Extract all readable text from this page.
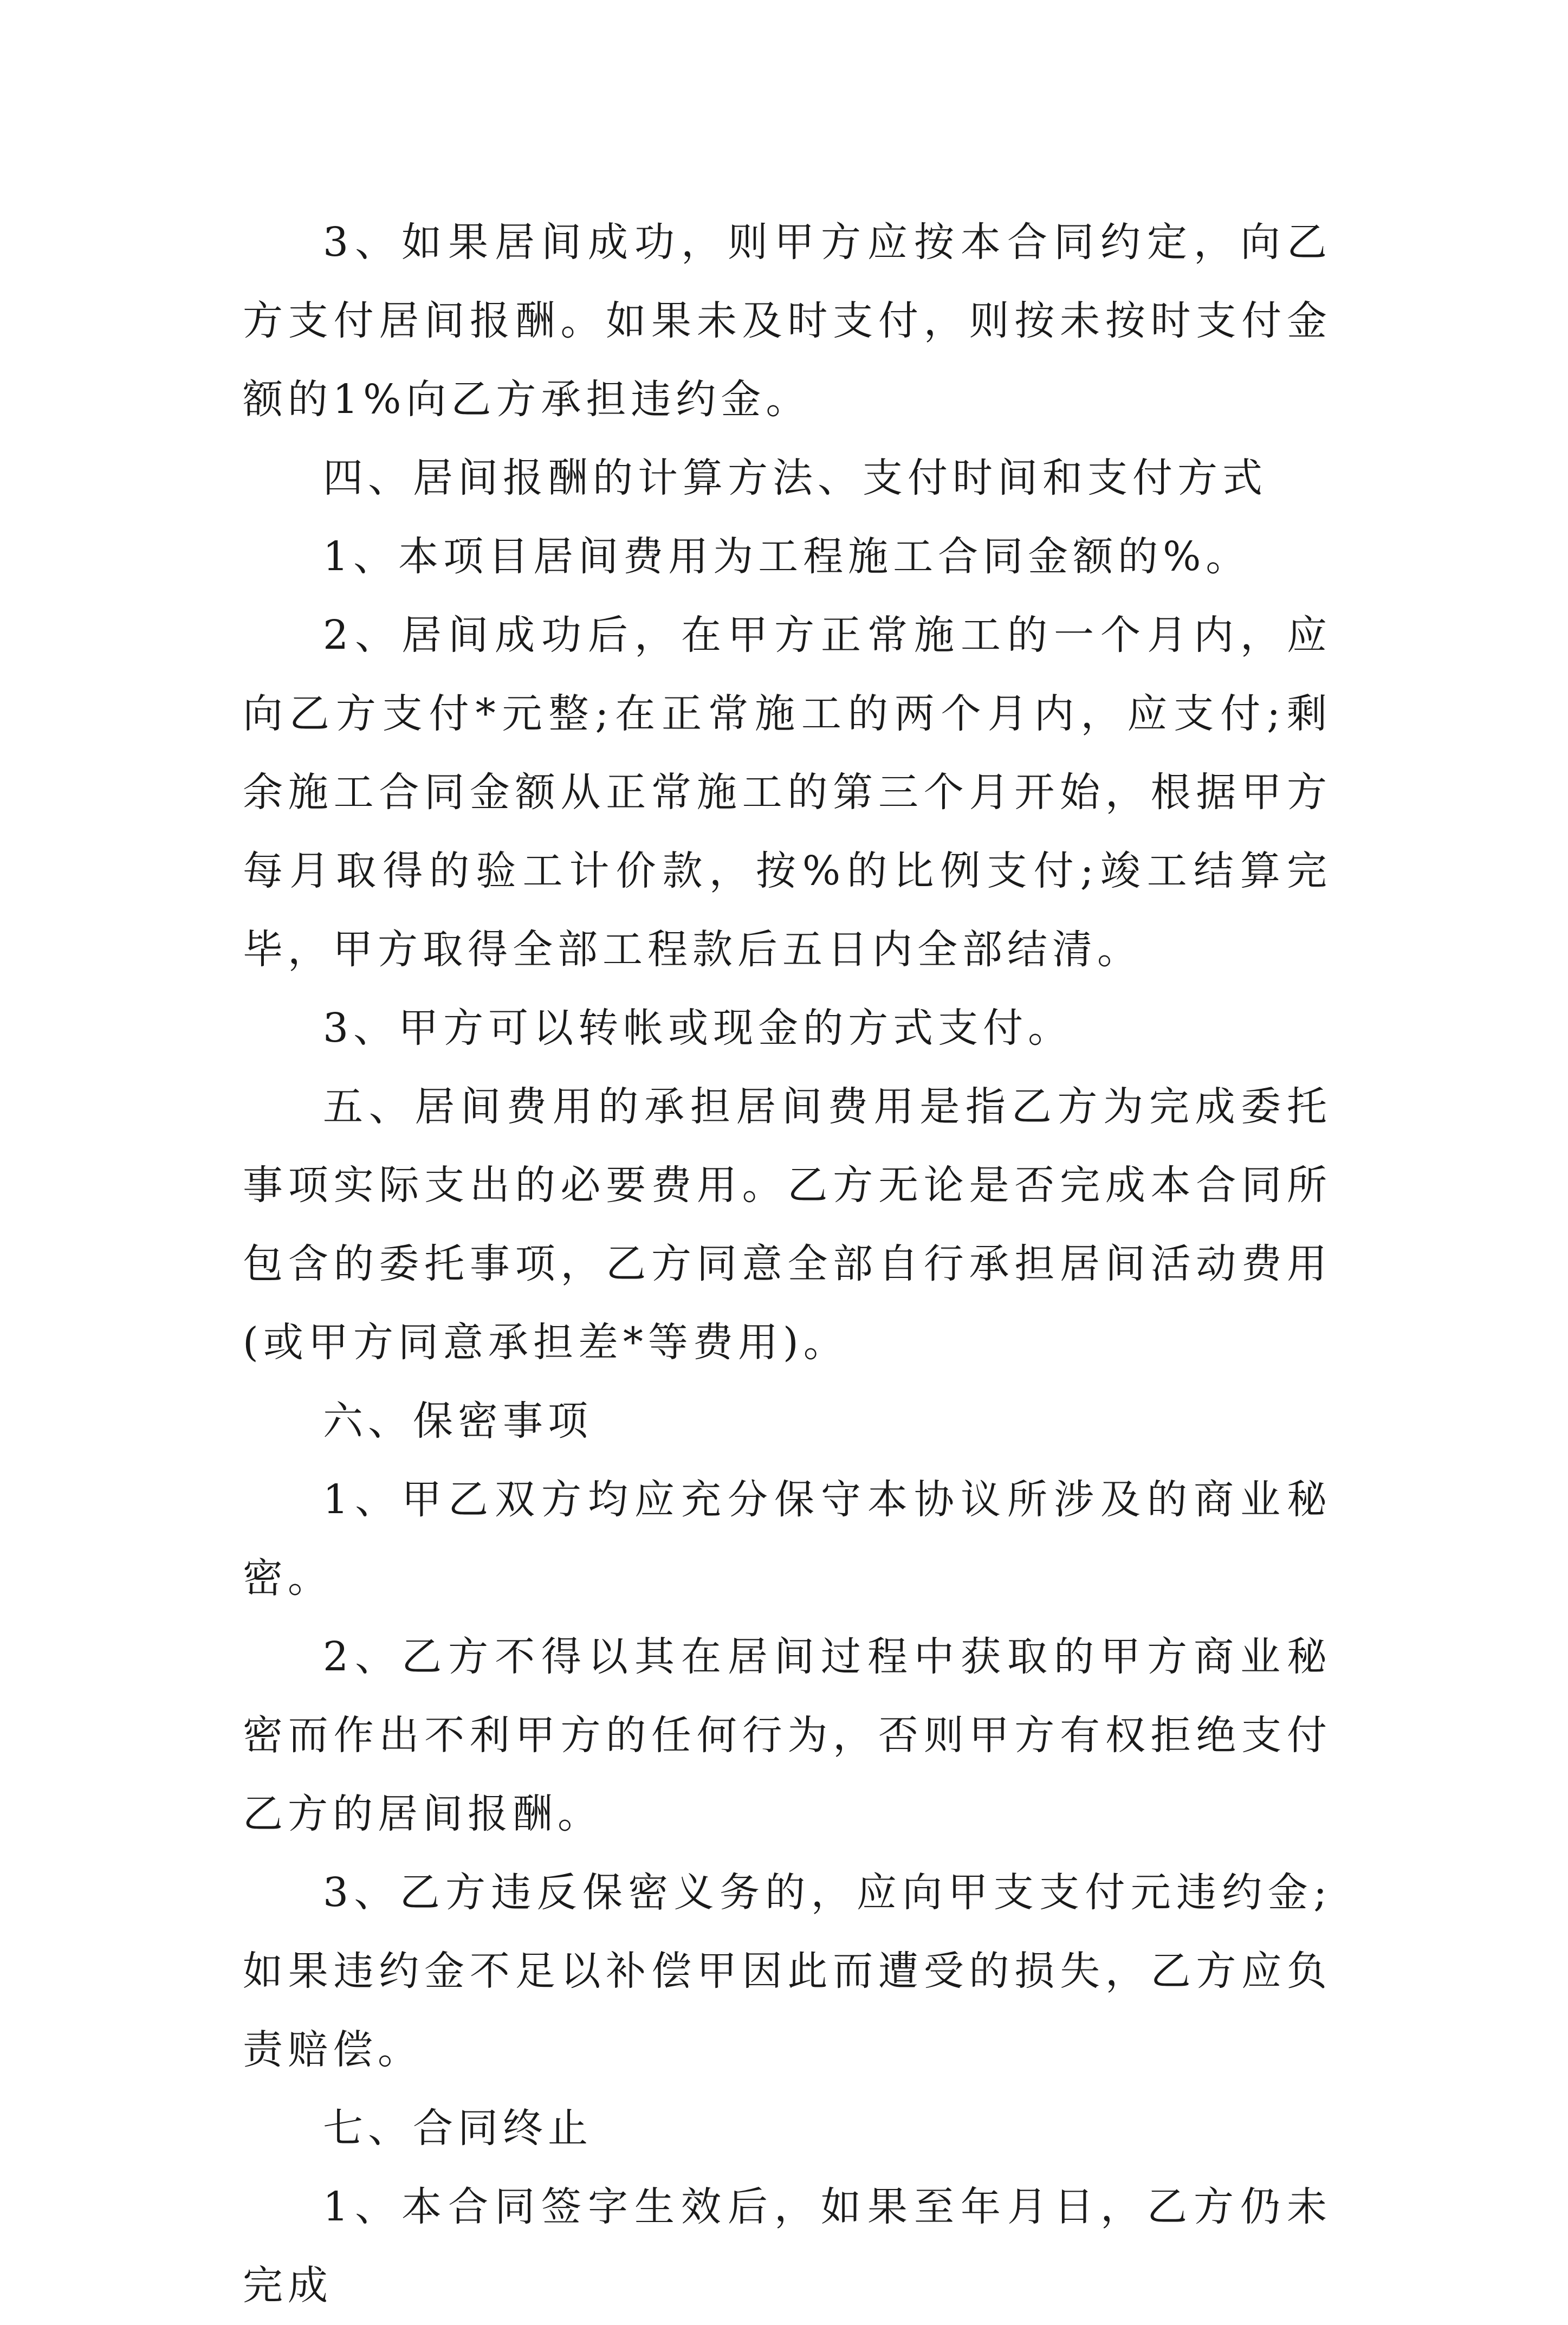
3、如果居间成功，则甲方应按本合同约定，向乙方支付居间报酬。如果未及时支付，则按未按时支付金额的1%向乙方承担违约金。

四、居间报酬的计算方法、支付时间和支付方式

1、本项目居间费用为工程施工合同金额的%。

2、居间成功后，在甲方正常施工的一个月内，应向乙方支付*元整;在正常施工的两个月内，应支付;剩余施工合同金额从正常施工的第三个月开始，根据甲方每月取得的验工计价款，按%的比例支付;竣工结算完毕，甲方取得全部工程款后五日内全部结清。

3、甲方可以转帐或现金的方式支付。

五、居间费用的承担居间费用是指乙方为完成委托事项实际支出的必要费用。乙方无论是否完成本合同所包含的委托事项，乙方同意全部自行承担居间活动费用(或甲方同意承担差*等费用)。

六、保密事项

1、甲乙双方均应充分保守本协议所涉及的商业秘密。

2、乙方不得以其在居间过程中获取的甲方商业秘密而作出不利甲方的任何行为，否则甲方有权拒绝支付乙方的居间报酬。

3、乙方违反保密义务的，应向甲支支付元违约金;如果违约金不足以补偿甲因此而遭受的损失，乙方应负责赔偿。

七、合同终止

1、本合同签字生效后，如果至年月日，乙方仍未完成
